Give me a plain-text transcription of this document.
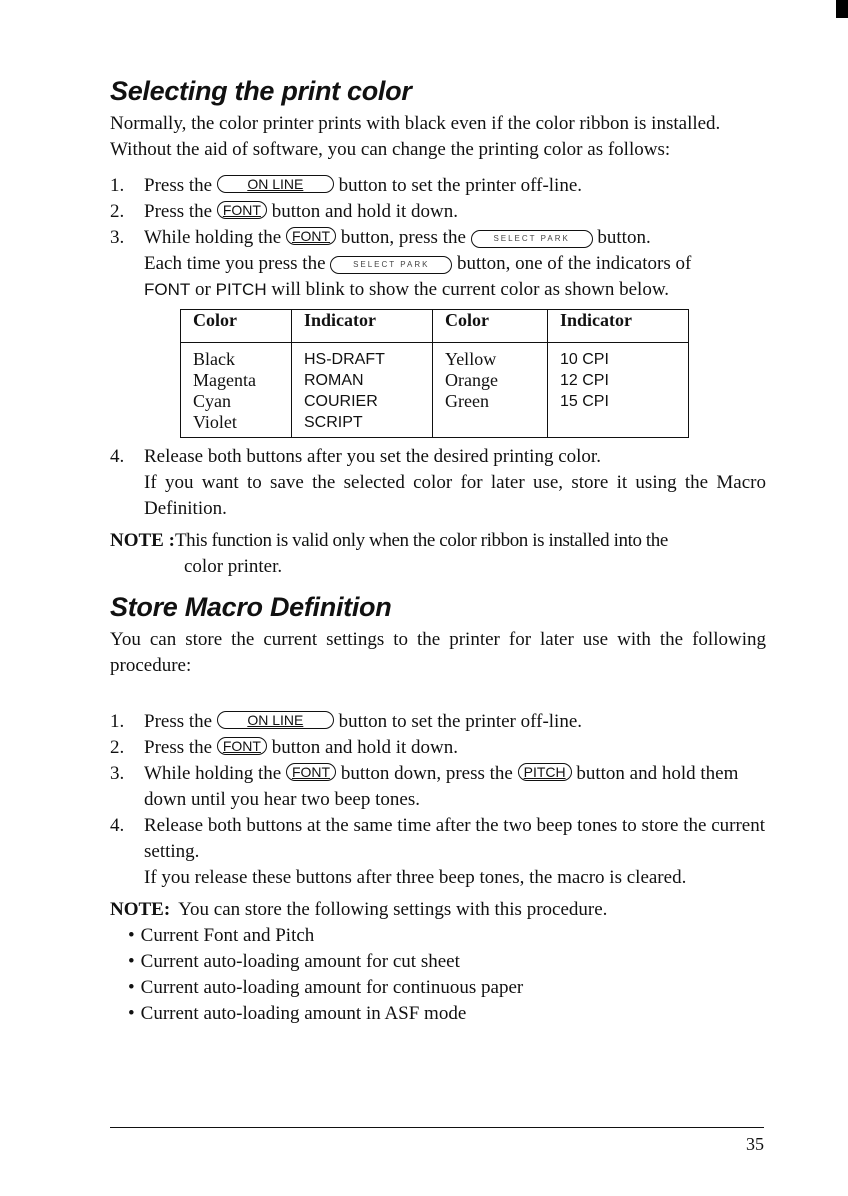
Selecting the print color

Normally, the color printer prints with black even if the color ribbon is installed.

Without the aid of software, you can change the printing color as follows:

1.	Press the	ON LINE button to set the printer off-line.
2.	Press the FONT button and hold it down.
3.	While holding the FONT button, press the	SELECT PARK button.
Each time you press the	SELECT PARK button, one of the indicators of
FONT or PITCH will blink to show the current color as shown below.
Color	Indicator	Color	Indicator
Black	HS-DRAFT	Yellow	10 CPI
Magenta	ROMAN	Orange	12 CPI
Cyan	COURIER	Green	15 CPI
Violet	SCRIPT		
4.	Release both buttons after you set the desired printing color.

If you want to save the selected color for later use, store it using the Macro Definition.
NOTE : This function is valid only when the color ribbon is installed into the
color printer.
Store Macro Definition

You can store the current settings to the printer for later use with the following procedure:

1.	Press the	ON LINE button to set the printer off-line.
2.	Press the FONT button and hold it down.
3.	While holding the FONT button down, press the PITCH button and hold them down until you hear two beep tones.
4.	Release both buttons at the same time after the two beep tones to store the current setting.
If you release these buttons after three beep tones, the macro is cleared.
NOTE: You can store the following settings with this procedure.
• Current Font and Pitch
• Current auto-loading amount for cut sheet
• Current auto-loading amount for continuous paper
• Current auto-loading amount in ASF mode
35
